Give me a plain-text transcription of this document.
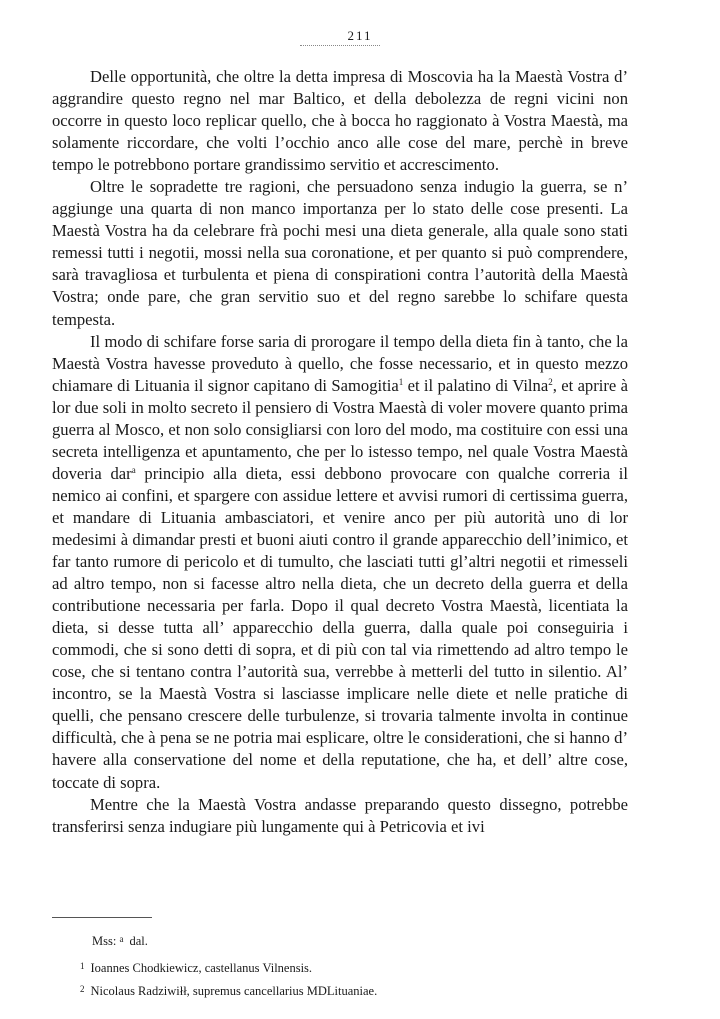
211

Delle opportunità, che oltre la detta impresa di Moscovia ha la Maestà Vostra d’ aggrandire questo regno nel mar Baltico, et della debolezza de regni vicini non occorre in questo loco replicar quello, che à bocca ho raggionato à Vostra Maestà, ma solamente riccordare, che volti l’occhio anco alle cose del mare, perchè in breve tempo le potrebbono portare grandissimo servitio et accrescimento.

Oltre le sopradette tre ragioni, che persuadono senza indugio la guerra, se n’ aggiunge una quarta di non manco importanza per lo stato delle cose presenti. La Maestà Vostra ha da celebrare frà pochi mesi una dieta generale, alla quale sono stati remessi tutti i negotii, mossi nella sua coronatione, et per quanto si può comprendere, sarà travagliosa et turbulenta et piena di conspirationi contra l’autorità della Maestà Vostra; onde pare, che gran servitio suo et del regno sarebbe lo schifare questa tempesta.

Il modo di schifare forse saria di prorogare il tempo della dieta fin à tanto, che la Maestà Vostra havesse proveduto à quello, che fosse necessario, et in questo mezzo chiamare di Lituania il signor capitano di Samogitia$^1$ et il palatino di Vilna$^2$, et aprire à lor due soli in molto secreto il pensiero di Vostra Maestà di voler movere quanto prima guerra al Mosco, et non solo consigliarsi con loro del modo, ma costituire con essi una secreta intelligenza et apuntamento, che per lo istesso tempo, nel quale Vostra Maestà doveria dar$^a$ principio alla dieta, essi debbono provocare con qualche correria il nemico ai confini, et spargere con assidue lettere et avvisi rumori di certissima guerra, et mandare di Lituania ambasciatori, et venire anco per più autorità uno di lor medesimi à dimandar presti et buoni aiuti contro il grande apparecchio dell’inimico, et far tanto rumore di pericolo et di tumulto, che lasciati tutti gl’altri negotii et rimesseli ad altro tempo, non si facesse altro nella dieta, che un decreto della guerra et della contributione necessaria per farla. Dopo il qual decreto Vostra Maestà, licentiata la dieta, si desse tutta all’ apparecchio della guerra, dalla quale poi conseguiria i commodi, che si sono detti di sopra, et di più con tal via rimettendo ad altro tempo le cose, che si tentano contra l’autorità sua, verrebbe à metterli del tutto in silentio. Al’ incontro, se la Maestà Vostra si lasciasse implicare nelle diete et nelle pratiche di quelli, che pensano crescere delle turbulenze, si trovaria talmente involta in continue difficultà, che à pena se ne potria mai esplicare, oltre le considerationi, che si hanno d’ havere alla conservatione del nome et della reputatione, che ha, et dell’ altre cose, toccate di sopra.

Mentre che la Maestà Vostra andasse preparando questo dissegno, potrebbe transferirsi senza indugiare più lungamente qui à Petricovia et ivi

Mss: $^a$ dal.
$^1$ Ioannes Chodkiewicz, castellanus Vilnensis.
$^2$ Nicolaus Radziwiłł, supremus cancellarius MDLituaniae.
